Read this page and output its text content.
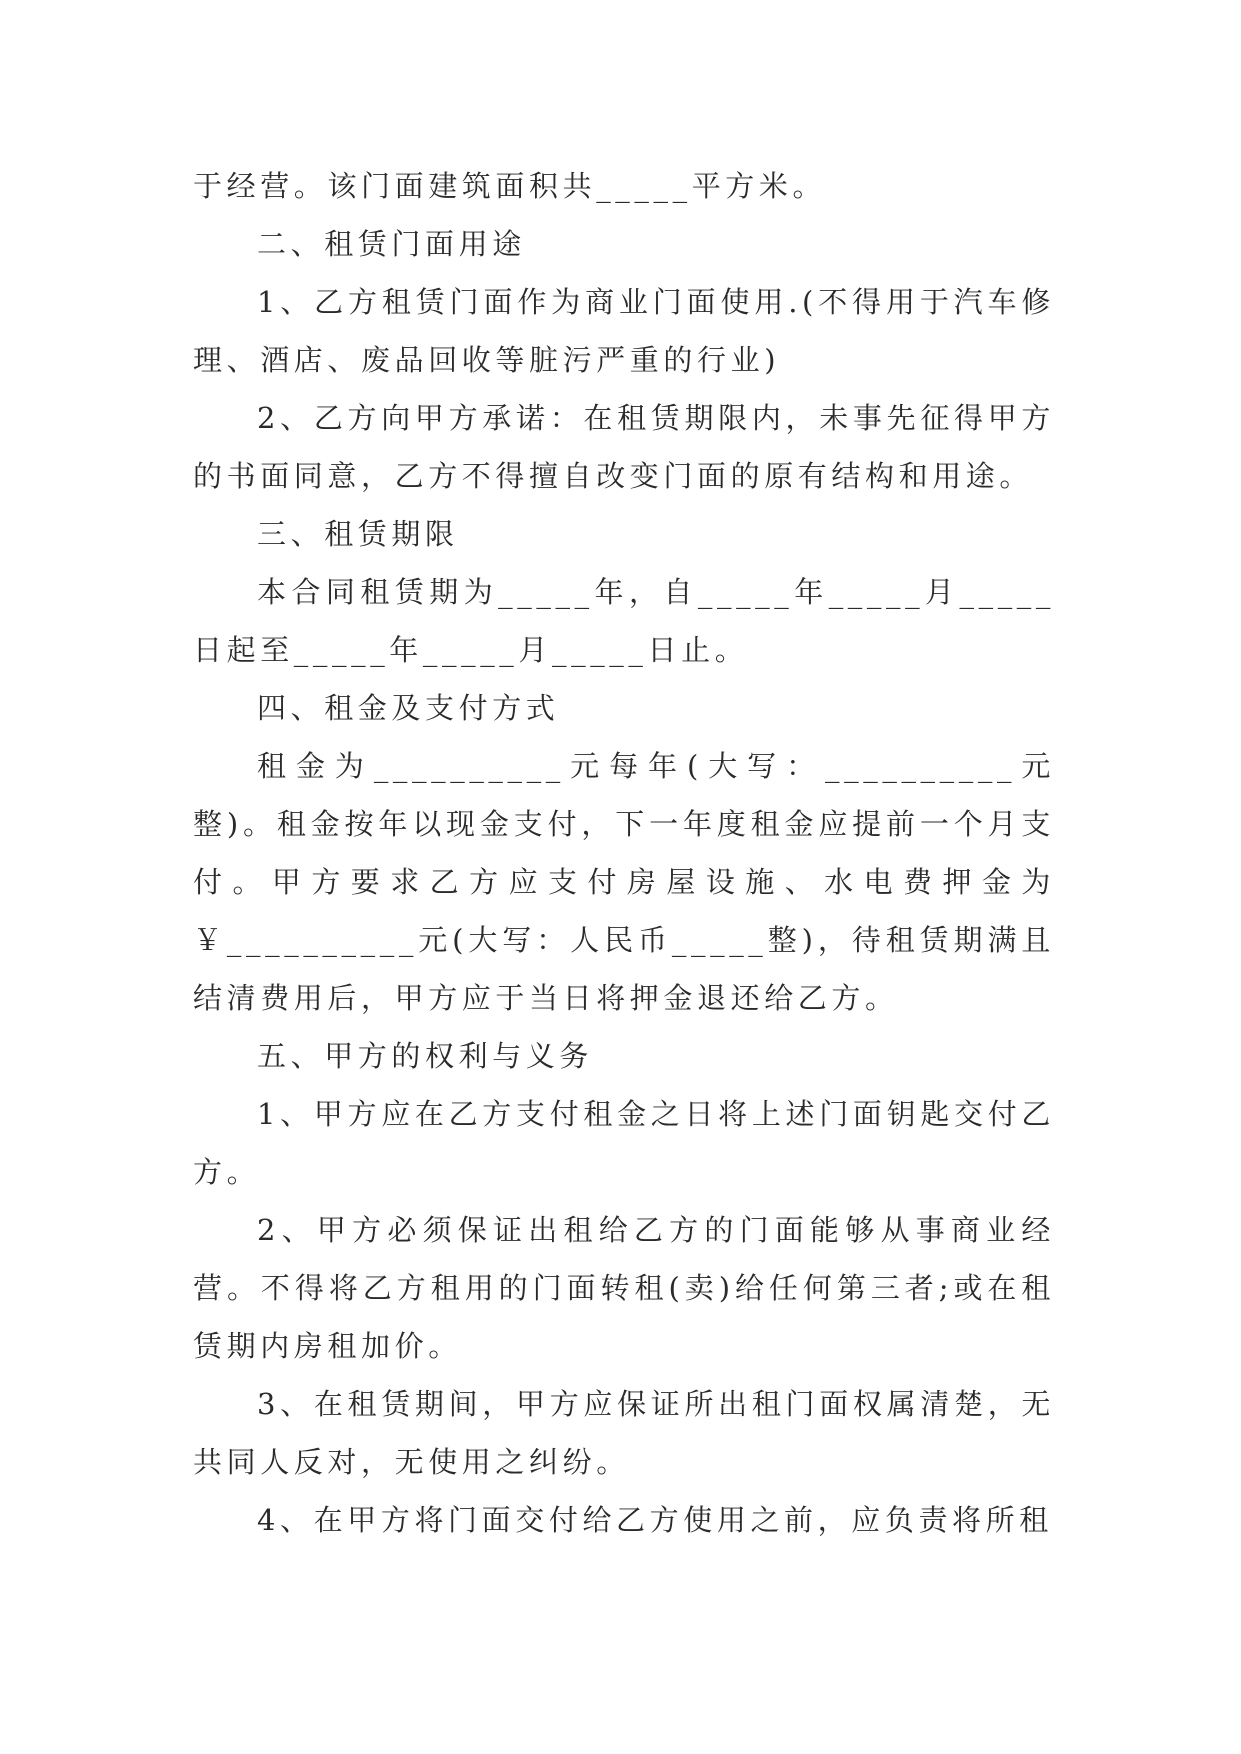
于经营。该门面建筑面积共_____平方米。

二、租赁门面用途

1、乙方租赁门面作为商业门面使用.(不得用于汽车修理、酒店、废品回收等脏污严重的行业)

2、乙方向甲方承诺：在租赁期限内，未事先征得甲方的书面同意，乙方不得擅自改变门面的原有结构和用途。

三、租赁期限

本合同租赁期为_____年，自_____年_____月_____日起至_____年_____月_____日止。

四、租金及支付方式

租金为__________元每年(大写：__________元整)。租金按年以现金支付，下一年度租金应提前一个月支付。甲方要求乙方应支付房屋设施、水电费押金为￥__________元(大写：人民币_____整)，待租赁期满且结清费用后，甲方应于当日将押金退还给乙方。

五、甲方的权利与义务

1、甲方应在乙方支付租金之日将上述门面钥匙交付乙方。

2、甲方必须保证出租给乙方的门面能够从事商业经营。不得将乙方租用的门面转租(卖)给任何第三者;或在租赁期内房租加价。

3、在租赁期间，甲方应保证所出租门面权属清楚，无共同人反对，无使用之纠纷。

4、在甲方将门面交付给乙方使用之前，应负责将所租
